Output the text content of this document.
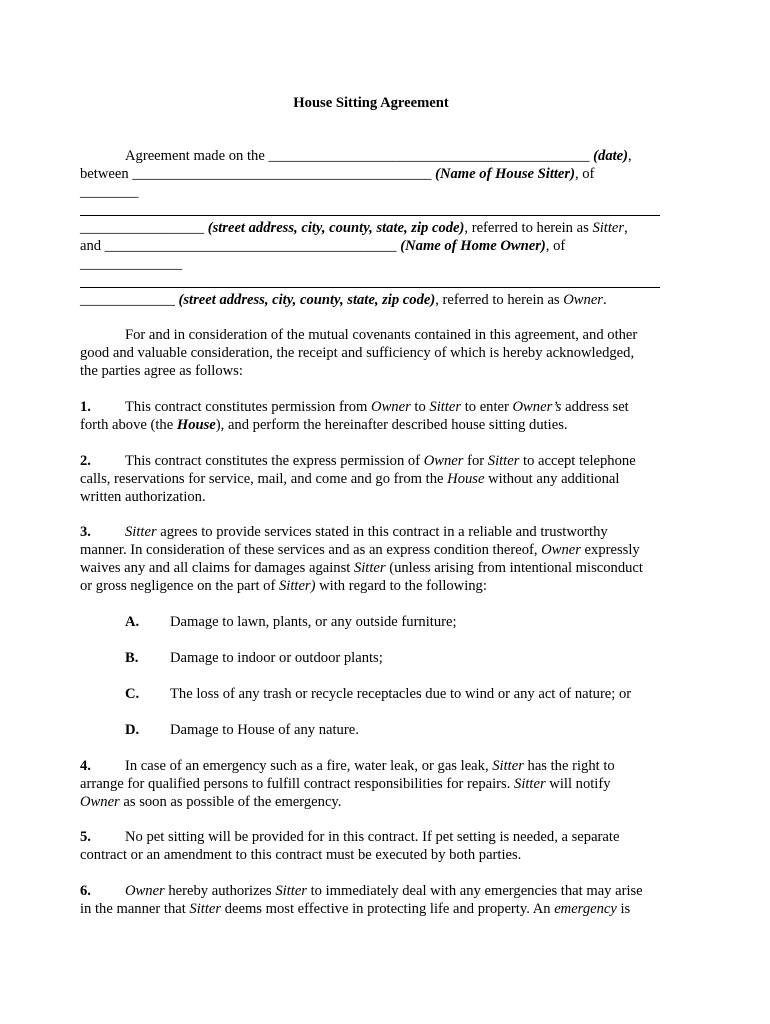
House Sitting Agreement
Agreement made on the ____________________________________________ (date),
between _________________________________________ (Name of House Sitter), of
________
_________________ (street address, city, county, state, zip code), referred to herein as Sitter,
and ________________________________________ (Name of Home Owner), of
______________
_____________ (street address, city, county, state, zip code), referred to herein as Owner.
For and in consideration of the mutual covenants contained in this agreement, and other
good and valuable consideration, the receipt and sufficiency of which is hereby acknowledged,
the parties agree as follows:
1. This contract constitutes permission from Owner to Sitter to enter Owner’s address set
forth above (the House), and perform the hereinafter described house sitting duties.
2. This contract constitutes the express permission of Owner for Sitter to accept telephone
calls, reservations for service, mail, and come and go from the House without any additional
written authorization.
3. Sitter agrees to provide services stated in this contract in a reliable and trustworthy
manner. In consideration of these services and as an express condition thereof, Owner expressly
waives any and all claims for damages against Sitter (unless arising from intentional misconduct
or gross negligence on the part of Sitter) with regard to the following:
A. Damage to lawn, plants, or any outside furniture;
B. Damage to indoor or outdoor plants;
C. The loss of any trash or recycle receptacles due to wind or any act of nature; or
D. Damage to House of any nature.
4. In case of an emergency such as a fire, water leak, or gas leak, Sitter has the right to
arrange for qualified persons to fulfill contract responsibilities for repairs. Sitter will notify
Owner as soon as possible of the emergency.
5. No pet sitting will be provided for in this contract. If pet setting is needed, a separate
contract or an amendment to this contract must be executed by both parties.
6. Owner hereby authorizes Sitter to immediately deal with any emergencies that may arise
in the manner that Sitter deems most effective in protecting life and property. An emergency is
